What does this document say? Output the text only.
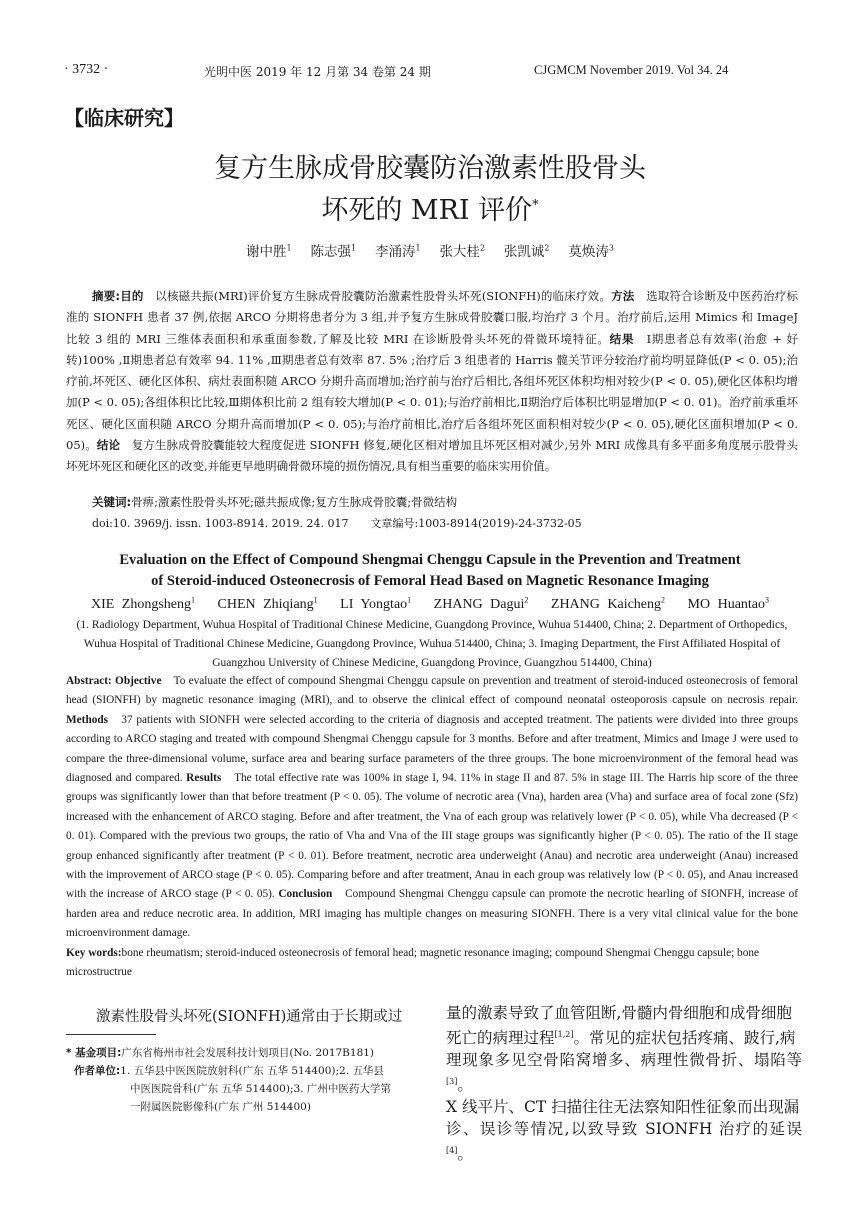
· 3732 ·	光明中医 2019 年 12 月第 34 卷第 24 期	CJGMCM November 2019. Vol 34. 24
【临床研究】
复方生脉成骨胶囊防治激素性股骨头
坏死的 MRI 评价*
谢中胜$^1$ 陈志强$^1$ 李涌涛$^1$ 张大桂$^2$ 张凯诚$^2$ 莫焕涛$^3$
摘要:目的　以核磁共振(MRI)评价复方生脉成骨胶囊防治激素性股骨头坏死(SIONFH)的临床疗效。方法　选取符合诊断及中医药治疗标准的 SIONFH 患者 37 例,依据 ARCO 分期将患者分为 3 组,并予复方生脉成骨胶囊口服,均治疗 3 个月。治疗前后,运用 Mimics 和 ImageJ 比较 3 组的 MRI 三维体表面积和承重面参数,了解及比较 MRI 在诊断股骨头坏死的骨微环境特征。结果　Ⅰ期患者总有效率(治愈 + 好转)100% ,Ⅱ期患者总有效率 94. 11% ,Ⅲ期患者总有效率 87. 5% ;治疗后 3 组患者的 Harris 髋关节评分较治疗前均明显降低(P < 0. 05);治疗前,坏死区、硬化区体积、病灶表面积随 ARCO 分期升高而增加;治疗前与治疗后相比,各组坏死区体积均相对较少(P < 0. 05),硬化区体积均增加(P < 0. 05);各组体积比比较,Ⅲ期体积比前 2 组有较大增加(P < 0. 01);与治疗前相比,Ⅱ期治疗后体积比明显增加(P < 0. 01)。治疗前承重坏死区、硬化区面积随 ARCO 分期升高而增加(P < 0. 05);与治疗前相比,治疗后各组坏死区面积相对较少(P < 0. 05),硬化区面积增加(P < 0. 05)。结论　复方生脉成骨胶囊能较大程度促进 SIONFH 修复,硬化区相对增加且坏死区相对减少,另外 MRI 成像具有多平面多角度展示股骨头坏死坏死区和硬化区的改变,并能更早地明确骨微环境的损伤情况,具有相当重要的临床实用价值。
关键词:骨痹;激素性股骨头坏死;磁共振成像;复方生脉成骨胶囊;骨微结构
doi:10. 3969/j. issn. 1003-8914. 2019. 24. 017　　文章编号:1003-8914(2019)-24-3732-05
Evaluation on the Effect of Compound Shengmai Chenggu Capsule in the Prevention and Treatment
of Steroid-induced Osteonecrosis of Femoral Head Based on Magnetic Resonance Imaging
XIE Zhongsheng$^1$ CHEN Zhiqiang$^1$ LI Yongtao$^1$ ZHANG Dagui$^2$ ZHANG Kaicheng$^2$ MO Huantao$^3$
(1. Radiology Department, Wuhua Hospital of Traditional Chinese Medicine, Guangdong Province, Wuhua 514400, China; 2. Department of Orthopedics, Wuhua Hospital of Traditional Chinese Medicine, Guangdong Province, Wuhua 514400, China; 3. Imaging Department, the First Affiliated Hospital of Guangzhou University of Chinese Medicine, Guangdong Province, Guangzhou 514400, China)
Abstract: Objective　To evaluate the effect of compound Shengmai Chenggu capsule on prevention and treatment of steroid-induced osteonecrosis of femoral head (SIONFH) by magnetic resonance imaging (MRI), and to observe the clinical effect of compound neonatal osteoporosis capsule on necrosis repair. Methods　37 patients with SIONFH were selected according to the criteria of diagnosis and accepted treatment. The patients were divided into three groups according to ARCO staging and treated with compound Shengmai Chenggu capsule for 3 months. Before and after treatment, Mimics and Image J were used to compare the three-dimensional volume, surface area and bearing surface parameters of the three groups. The bone microenvironment of the femoral head was diagnosed and compared. Results　The total effective rate was 100% in stage I, 94. 11% in stage II and 87. 5% in stage III. The Harris hip score of the three groups was significantly lower than that before treatment (P < 0. 05). The volume of necrotic area (Vna), harden area (Vha) and surface area of focal zone (Sfz) increased with the enhancement of ARCO staging. Before and after treatment, the Vna of each group was relatively lower (P < 0. 05), while Vha decreased (P < 0. 01). Compared with the previous two groups, the ratio of Vha and Vna of the III stage groups was significantly higher (P < 0. 05). The ratio of the II stage group enhanced significantly after treatment (P < 0. 01). Before treatment, necrotic area underweight (Anau) and necrotic area underweight (Anau) increased with the improvement of ARCO stage (P < 0. 05). Comparing before and after treatment, Anau in each group was relatively low (P < 0. 05), and Anau increased with the increase of ARCO stage (P < 0. 05). Conclusion　Compound Shengmai Chenggu capsule can promote the necrotic hearling of SIONFH, increase of harden area and reduce necrotic area. In addition, MRI imaging has multiple changes on measuring SIONFH. There is a very vital clinical value for the bone microenvironment damage.
Key words:bone rheumatism; steroid-induced osteonecrosis of femoral head; magnetic resonance imaging; compound Shengmai Chenggu capsule; bone microstructrue
激素性股骨头坏死(SIONFH)通常由于长期或过
* 基金项目:广东省梅州市社会发展科技计划项目(No. 2017B181)
作者单位:1. 五华县中医医院放射科(广东 五华 514400);2. 五华县
中医医院骨科(广东 五华 514400);3. 广州中医药大学第
一附属医院影像科(广东 广州 514400)
量的激素导致了血管阻断,骨髓内骨细胞和成骨细胞
死亡的病理过程[1,2]。常见的症状包括疼痛、跛行,病
理现象多见空骨陷窝增多、病理性微骨折、塌陷等[3]。
X 线平片、CT 扫描往往无法察知阳性征象而出现漏
诊、误诊等情况,以致导致 SIONFH 治疗的延误[4]。
